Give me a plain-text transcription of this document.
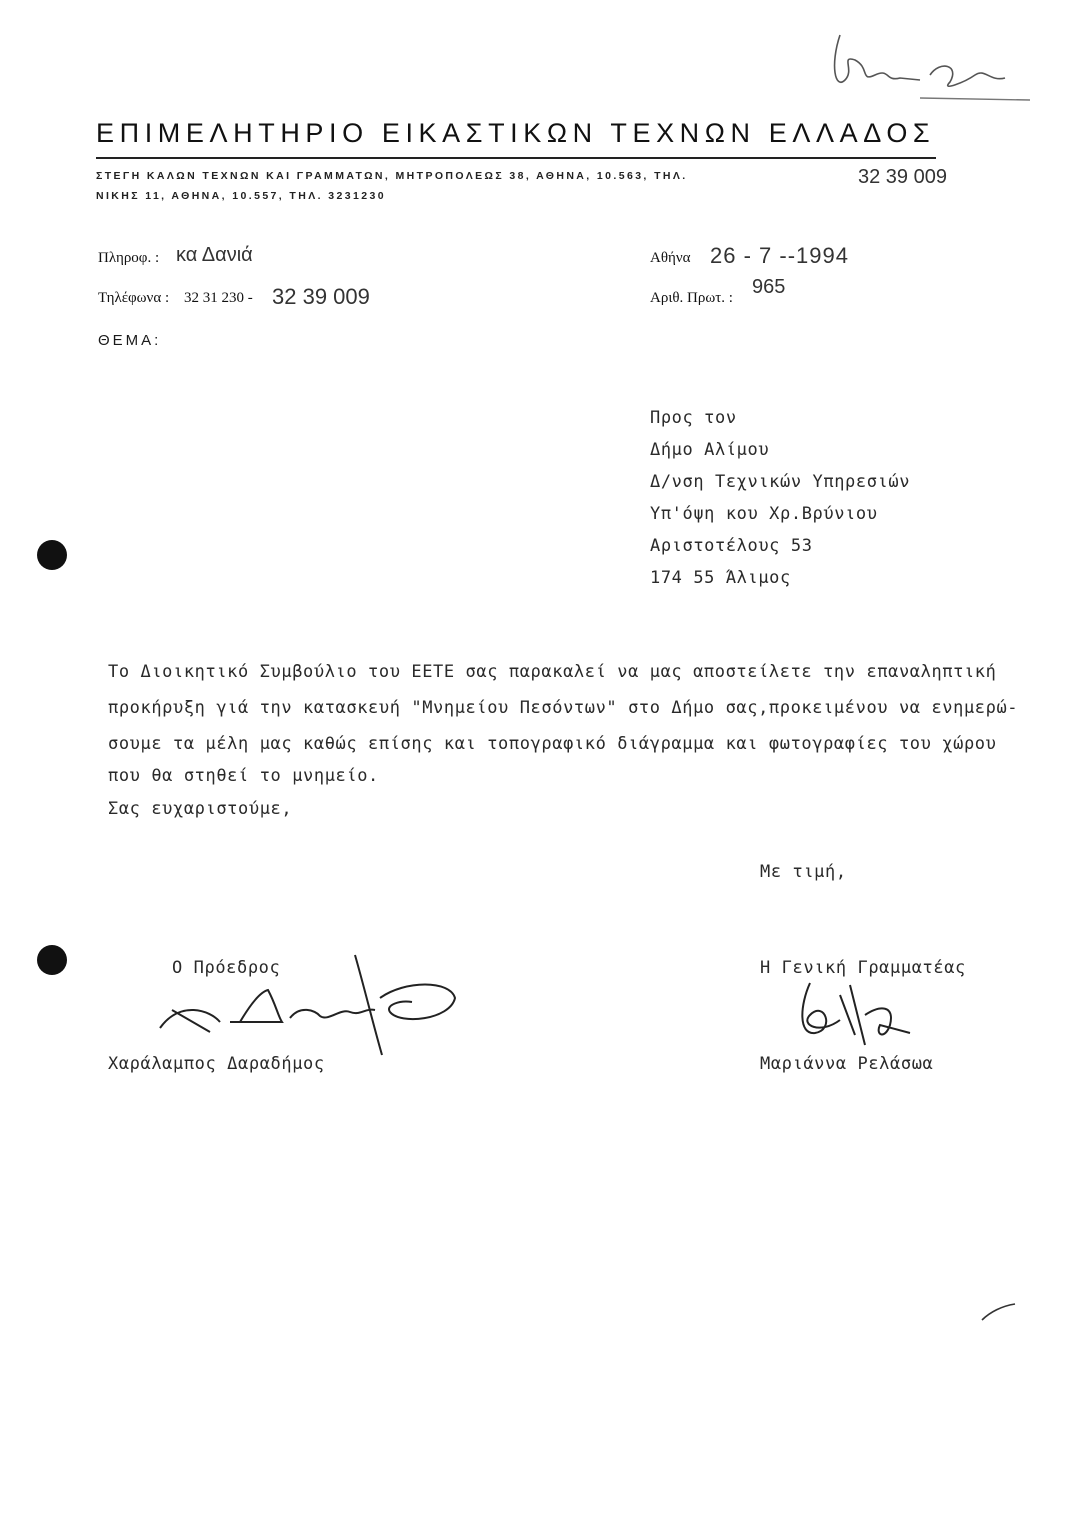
ΕΠΙΜΕΛΗΤΗΡΙΟ ΕΙΚΑΣΤΙΚΩΝ ΤΕΧΝΩΝ ΕΛΛΑΔΟΣ
ΣΤΕΓΗ ΚΑΛΩΝ ΤΕΧΝΩΝ ΚΑΙ ΓΡΑΜΜΑΤΩΝ, ΜΗΤΡΟΠΟΛΕΩΣ 38, ΑΘΗΝΑ, 10.563, ΤΗΛ.	32 39 009
ΝΙΚΗΣ 11, ΑΘΗΝΑ, 10.557, ΤΗΛ. 3231230
Πληροφ. : κα Δανιά
Τηλέφωνα : 32 31 230 - 32 39 009
Αθήνα 26 - 7 --1994
Αριθ. Πρωτ. : 965
ΘΕΜΑ:
Προς τον
Δήμο Αλίμου
Δ/νση Τεχνικών Υπηρεσιών
Υπ'όψη κου Χρ.Βρύνιου
Αριστοτέλους 53
174 55 Άλιμος
Το Διοικητικό Συμβούλιο του ΕΕΤΕ σας παρακαλεί να μας αποστείλετε την επαναληπτική
προκήρυξη γιά την κατασκευή "Μνημείου Πεσόντων" στο Δήμο σας,προκειμένου να ενημερώ-
σουμε τα μέλη μας καθώς επίσης και τοπογραφικό διάγραμμα και φωτογραφίες του χώρου
που θα στηθεί το μνημείο.
Σας ευχαριστούμε,
Με τιμή,
Ο Πρόεδρος
Χαράλαμπος Δαραδήμος
Η Γενική Γραμματέας
Μαριάννα Ρελάσωα
